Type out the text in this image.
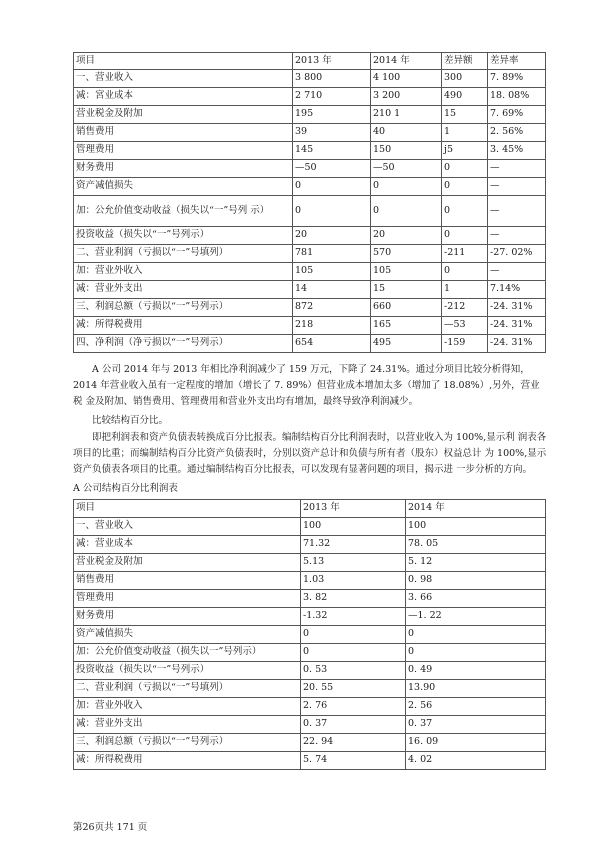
项目	2013 年	2014 年	差异额	差异率
一、营业收入	3 800	4 100	300	7. 89%
减：宮业成本	2 710	3 200	490	18. 08%
营业税金及附加	195	210 1	15	7. 69%
销售费用	39	40	1	2. 56%
管理费用	145	150	j5	3. 45%
财务费用	—50	—50	0	—
资产减值损失	0	0	0	—
加：公允价值变动收益（损失以“一”号列 示）	0	0	0	—
投资收益（损失以“一”号列示）	20	20	0	—
二、营业利润（亏损以“一”号填列）	781	570	-211	-27. 02%
加：营业外收入	105	105	0	—
减：营业外支出	14	15	1	7.14%
三、利润总额（亏损以“一”号列示）	872	660	-212	-24. 31%
减：所得税费用	218	165	—53	-24. 31%
四、净利润（净亏损以“一”号列示）	654	495	-159	-24. 31%

A 公司 2014 年与 2013 年相比净利润减少了 159 万元，下降了 24.31%。通过分项目比较分析得知，2014 年营业收入虽有一定程度的增加（增长了 7. 89%）但营业成本增加太多（增加了 18.08%）,另外，营业税 金及附加、销售费用、管理费用和营业外支出均有增加，最终导致净利润减少。

比较结构百分比。

即把利润表和资产负债表转换成百分比报表。编制结构百分比利润表时，以营业收入为 100%,显示利 润表各项目的比重；而编制结构百分比资产负债表时，分别以资产总计和负债与所有者（股东）权益总计 为 100%,显示资产负债表各项目的比重。通过编制结构百分比报表，可以发现有显著问题的项目，揭示进 一步分析的方向。

A 公司结构百分比利润表

项目	2013 年	2014 年
一、营业收入	100	100
减：营业成本	71.32	78. 05
营业税金及附加	5.13	5. 12
销售费用	1.03	0. 98
管理费用	3. 82	3. 66
财务费用	-1.32	—1. 22
资产减值损失	0	0
加：公允价值变动收益（损失以一”号列示）	0	0
投资收益（损失以“一”号列示）	0. 53	0. 49
二、营业利润（亏损以“一”号填列）	20. 55	13.90
加：营业外收入	2. 76	2. 56
减：营业外支出	0. 37	0. 37
三、利润总额（亏损以“一”号列示）	22. 94	16. 09
减：所得税费用	5. 74	4. 02
第26页共 171 页
